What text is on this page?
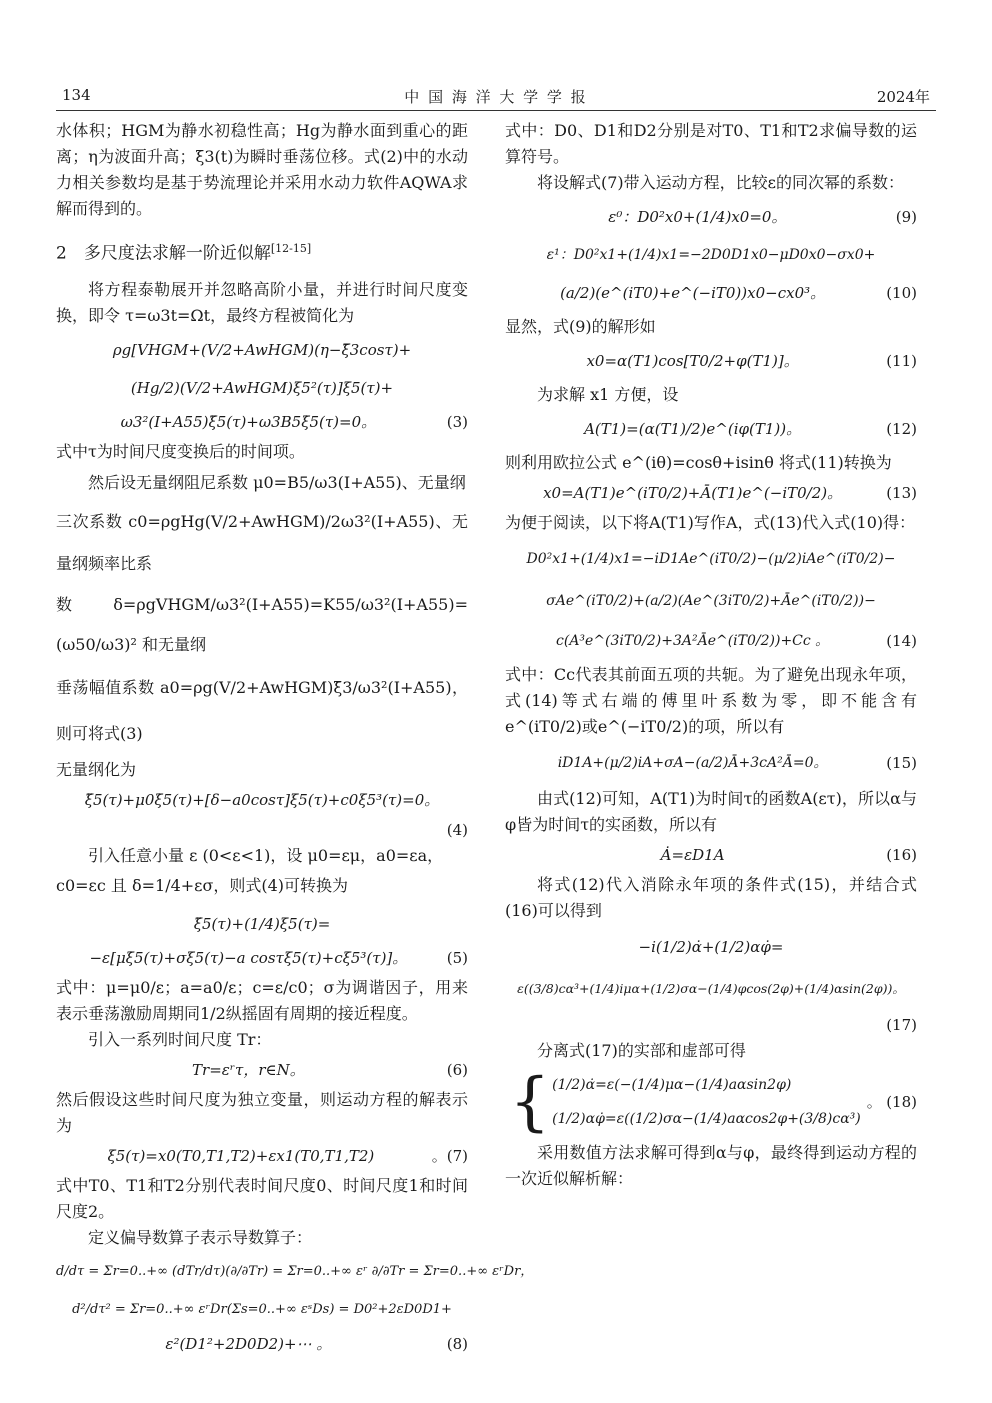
134	中 国 海 洋 大 学 学 报	2024年

水体积；HGM为静水初稳性高；Hg为静水面到重心的距离；η为波面升高；ξ3(t)为瞬时垂荡位移。式(2)中的水动力相关参数均是基于势流理论并采用水动力软件AQWA求解而得到的。

2　多尺度法求解一阶近似解[12-15]

将方程泰勒展开并忽略高阶小量，并进行时间尺度变换，即令 τ=ω3t=Ωt，最终方程被简化为

ρg[VHGM+(V/2+AwHGM)(η−ξ̄3cosτ)+
(Hg/2)(V/2+AwHGM)ξ5²(τ)]ξ5(τ)+
ω3²(I+A55)ξ̈5(τ)+ω3B5ξ̇5(τ)=0。	(3)

式中τ为时间尺度变换后的时间项。

然后设无量纲阻尼系数 μ0=B5/ω3(I+A55)、无量纲

三次系数 c0=ρgHg(V/2+AwHGM)/2ω3²(I+A55)、无量纲频率比系

数 δ=ρgVHGM/ω3²(I+A55)=K55/ω3²(I+A55)=(ω50/ω3)² 和无量纲

垂荡幅值系数 a0=ρg(V/2+AwHGM)ξ̄3/ω3²(I+A55)，则可将式(3)

无量纲化为

ξ̈5(τ)+μ0ξ̇5(τ)+[δ−a0cosτ]ξ5(τ)+c0ξ5³(τ)=0。

(4)

引入任意小量 ε (0<ε<1)，设 μ0=εμ，a0=εa，

c0=εc 且 δ=1/4+εσ，则式(4)可转换为

ξ̈5(τ)+(1/4)ξ5(τ)=
−ε[μξ̇5(τ)+σξ5(τ)−a cosτξ5(τ)+cξ5³(τ)]。	(5)

式中：μ=μ0/ε；a=a0/ε；c=ε/c0；σ为调谐因子，用来表示垂荡激励周期同1/2纵摇固有周期的接近程度。

引入一系列时间尺度 Tr：

Tr=εʳτ，r∈N。	(6)

然后假设这些时间尺度为独立变量，则运动方程的解表示为

ξ5(τ)=x0(T0,T1,T2)+εx1(T0,T1,T2)	。(7)

式中T0、T1和T2分别代表时间尺度0、时间尺度1和时间尺度2。

定义偏导数算子表示导数算子：

d/dτ = Σr=0..+∞ (dTr/dτ)(∂/∂Tr) = Σr=0..+∞ εʳ ∂/∂Tr = Σr=0..+∞ εʳDr，
d²/dτ² = Σr=0..+∞ εʳDr(Σs=0..+∞ εˢDs) = D0²+2εD0D1+
ε²(D1²+2D0D2)+⋯ 。	(8)

式中：D0、D1和D2分别是对T0、T1和T2求偏导数的运算符号。

将设解式(7)带入运动方程，比较ε的同次幂的系数：

ε⁰：D0²x0+(1/4)x0=0。	(9)
ε¹：D0²x1+(1/4)x1=−2D0D1x0−μD0x0−σx0+
(a/2)(e^(iT0)+e^(−iT0))x0−cx0³。	(10)

显然，式(9)的解形如

x0=α(T1)cos[T0/2+φ(T1)]。	(11)

为求解 x1 方便，设

A(T1)=(α(T1)/2)e^(iφ(T1))。	(12)

则利用欧拉公式 e^(iθ)=cosθ+isinθ 将式(11)转换为

x0=A(T1)e^(iT0/2)+Ā(T1)e^(−iT0/2)。	(13)

为便于阅读，以下将A(T1)写作A，式(13)代入式(10)得：

D0²x1+(1/4)x1=−iD1Ae^(iT0/2)−(μ/2)iAe^(iT0/2)−
σAe^(iT0/2)+(a/2)(Ae^(3iT0/2)+Āe^(iT0/2))−
c(A³e^(3iT0/2)+3A²Āe^(iT0/2))+Cc 。	(14)

式中：Cc代表其前面五项的共轭。为了避免出现永年项，式(14)等式右端的傅里叶系数为零，即不能含有e^(iT0/2)或e^(−iT0/2)的项，所以有

iD1A+(μ/2)iA+σA−(a/2)Ā+3cA²Ā=0。	(15)

由式(12)可知，A(T1)为时间τ的函数A(ετ)，所以α与φ皆为时间τ的实函数，所以有

Ȧ=εD1A	(16)

将式(12)代入消除永年项的条件式(15)，并结合式(16)可以得到

−i(1/2)α̇+(1/2)αφ̇=
ε((3/8)cα³+(1/4)iμα+(1/2)σα−(1/4)φcos(2φ)+(1/4)αsin(2φ))。

(17)

分离式(17)的实部和虚部可得

{ (1/2)α̇=ε(−(1/4)μα−(1/4)aαsin2φ)
(1/2)αφ̇=ε((1/2)σα−(1/4)aαcos2φ+(3/8)cα³)
。 (18)

采用数值方法求解可得到α与φ，最终得到运动方程的一次近似解析解：
